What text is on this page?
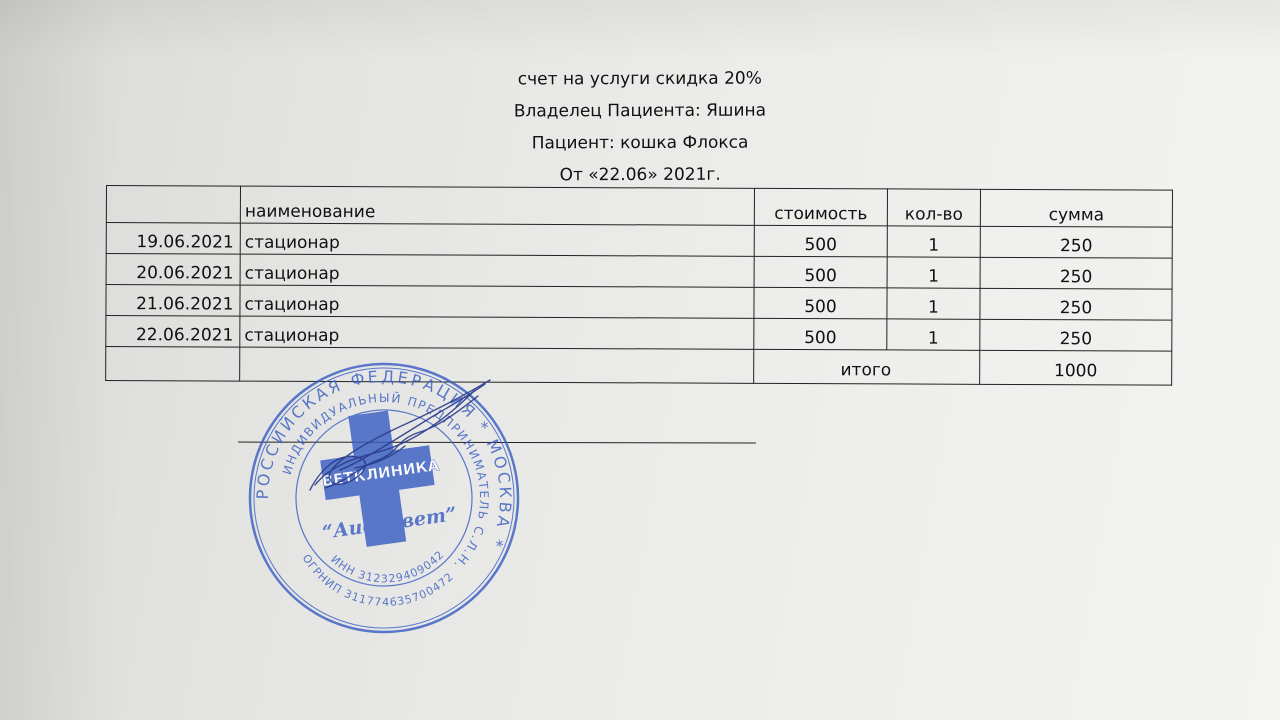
счет на услуги скидка 20%
Владелец Пациента: Яшина
Пациент: кошка Флокса
От «22.06» 2021г.
	наименование	стоимость	кол-во	сумма
19.06.2021	стационар	500	1	250
20.06.2021	стационар	500	1	250
21.06.2021	стационар	500	1	250
22.06.2021	стационар	500	1	250
		итого		1000
РОССИЙСКАЯ ФЕДЕРАЦИЯ * МОСКВА *
ИНДИВИДУАЛЬНЫЙ ПРЕДПРИНИМАТЕЛЬ С.Л.Н.
ОГРНИП 311774635700472
ИНН 312329409042
ВЕТКЛИНИКА
“Аист-вет”
